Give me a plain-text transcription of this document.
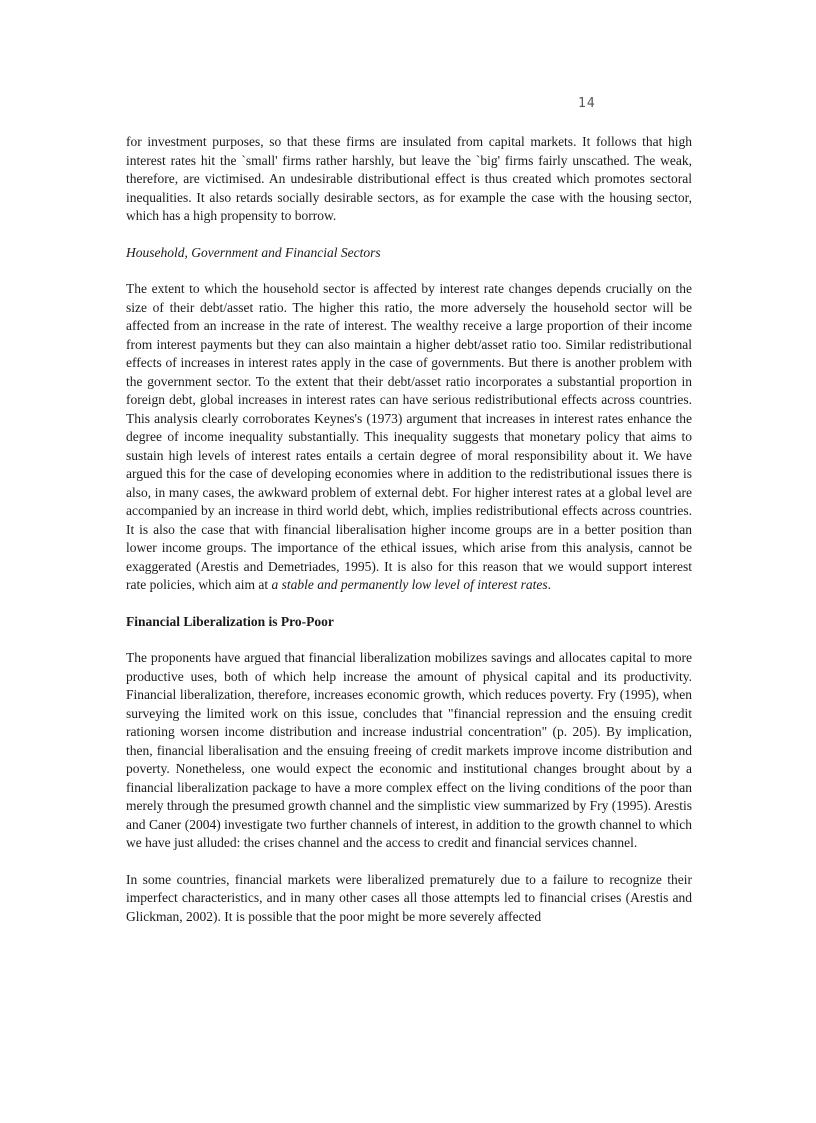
14

for investment purposes, so that these firms are insulated from capital markets. It follows that high interest rates hit the `small' firms rather harshly, but leave the `big' firms fairly unscathed. The weak, therefore, are victimised. An undesirable distributional effect is thus created which promotes sectoral inequalities. It also retards socially desirable sectors, as for example the case with the housing sector, which has a high propensity to borrow.

Household, Government and Financial Sectors

The extent to which the household sector is affected by interest rate changes depends crucially on the size of their debt/asset ratio. The higher this ratio, the more adversely the household sector will be affected from an increase in the rate of interest. The wealthy receive a large proportion of their income from interest payments but they can also maintain a higher debt/asset ratio too. Similar redistributional effects of increases in interest rates apply in the case of governments. But there is another problem with the government sector. To the extent that their debt/asset ratio incorporates a substantial proportion in foreign debt, global increases in interest rates can have serious redistributional effects across countries. This analysis clearly corroborates Keynes's (1973) argument that increases in interest rates enhance the degree of income inequality substantially. This inequality suggests that monetary policy that aims to sustain high levels of interest rates entails a certain degree of moral responsibility about it. We have argued this for the case of developing economies where in addition to the redistributional issues there is also, in many cases, the awkward problem of external debt. For higher interest rates at a global level are accompanied by an increase in third world debt, which, implies redistributional effects across countries. It is also the case that with financial liberalisation higher income groups are in a better position than lower income groups. The importance of the ethical issues, which arise from this analysis, cannot be exaggerated (Arestis and Demetriades, 1995). It is also for this reason that we would support interest rate policies, which aim at a stable and permanently low level of interest rates.

Financial Liberalization is Pro-Poor

The proponents have argued that financial liberalization mobilizes savings and allocates capital to more productive uses, both of which help increase the amount of physical capital and its productivity. Financial liberalization, therefore, increases economic growth, which reduces poverty. Fry (1995), when surveying the limited work on this issue, concludes that "financial repression and the ensuing credit rationing worsen income distribution and increase industrial concentration" (p. 205). By implication, then, financial liberalisation and the ensuing freeing of credit markets improve income distribution and poverty. Nonetheless, one would expect the economic and institutional changes brought about by a financial liberalization package to have a more complex effect on the living conditions of the poor than merely through the presumed growth channel and the simplistic view summarized by Fry (1995). Arestis and Caner (2004) investigate two further channels of interest, in addition to the growth channel to which we have just alluded: the crises channel and the access to credit and financial services channel.

In some countries, financial markets were liberalized prematurely due to a failure to recognize their imperfect characteristics, and in many other cases all those attempts led to financial crises (Arestis and Glickman, 2002). It is possible that the poor might be more severely affected
